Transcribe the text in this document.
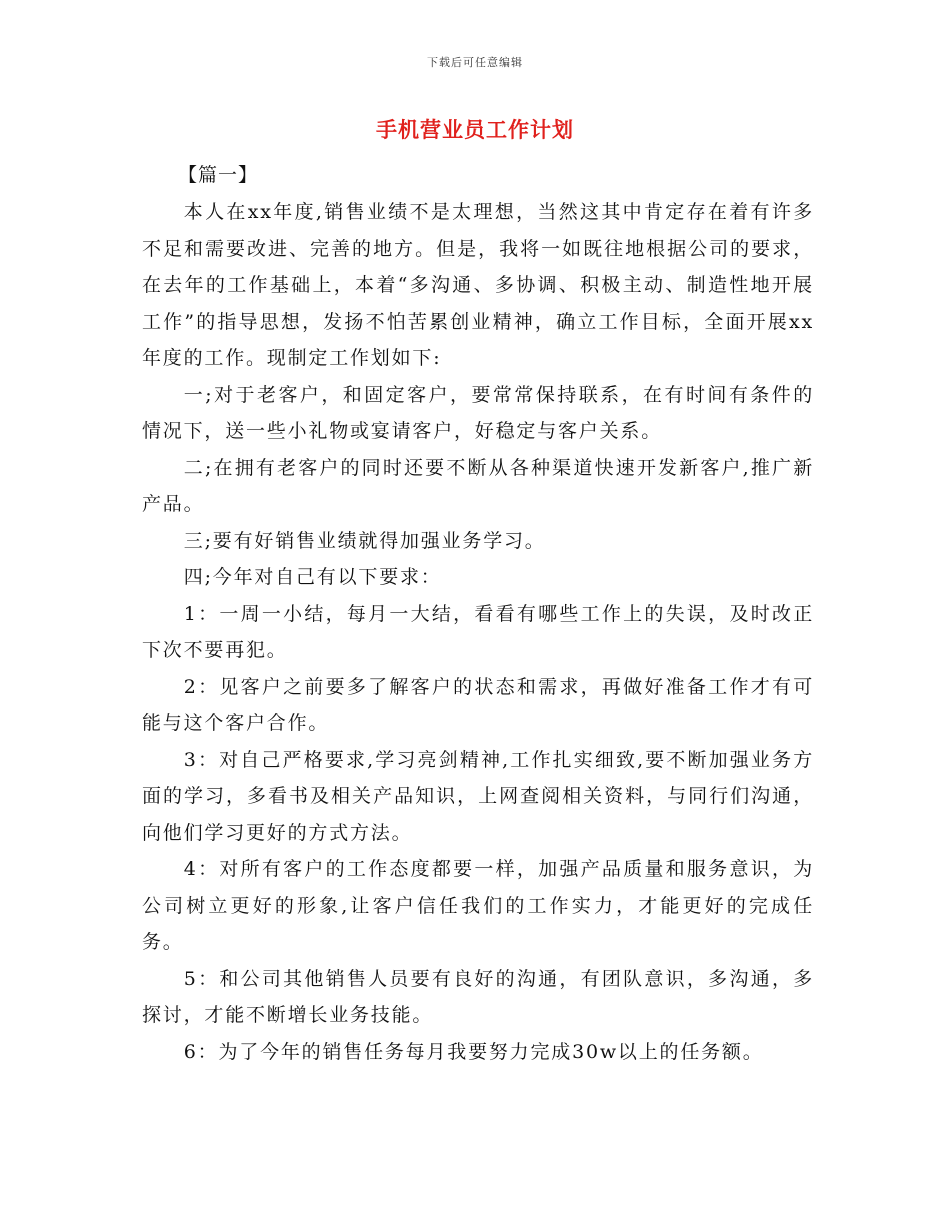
下载后可任意编辑
手机营业员工作计划
【篇一】

本人在xx年度,销售业绩不是太理想，当然这其中肯定存在着有许多不足和需要改进、完善的地方。但是，我将一如既往地根据公司的要求，在去年的工作基础上，本着“多沟通、多协调、积极主动、制造性地开展工作”的指导思想，发扬不怕苦累创业精神，确立工作目标，全面开展xx年度的工作。现制定工作划如下:

一;对于老客户，和固定客户，要常常保持联系，在有时间有条件的情况下，送一些小礼物或宴请客户，好稳定与客户关系。

二;在拥有老客户的同时还要不断从各种渠道快速开发新客户,推广新产品。

三;要有好销售业绩就得加强业务学习。

四;今年对自己有以下要求：

1：一周一小结，每月一大结，看看有哪些工作上的失误，及时改正下次不要再犯。

2：见客户之前要多了解客户的状态和需求，再做好准备工作才有可能与这个客户合作。

3：对自己严格要求,学习亮剑精神,工作扎实细致,要不断加强业务方面的学习，多看书及相关产品知识，上网查阅相关资料，与同行们沟通，向他们学习更好的方式方法。

4：对所有客户的工作态度都要一样，加强产品质量和服务意识，为公司树立更好的形象,让客户信任我们的工作实力，才能更好的完成任务。

5：和公司其他销售人员要有良好的沟通，有团队意识，多沟通，多探讨，才能不断增长业务技能。

6：为了今年的销售任务每月我要努力完成30w以上的任务额。
